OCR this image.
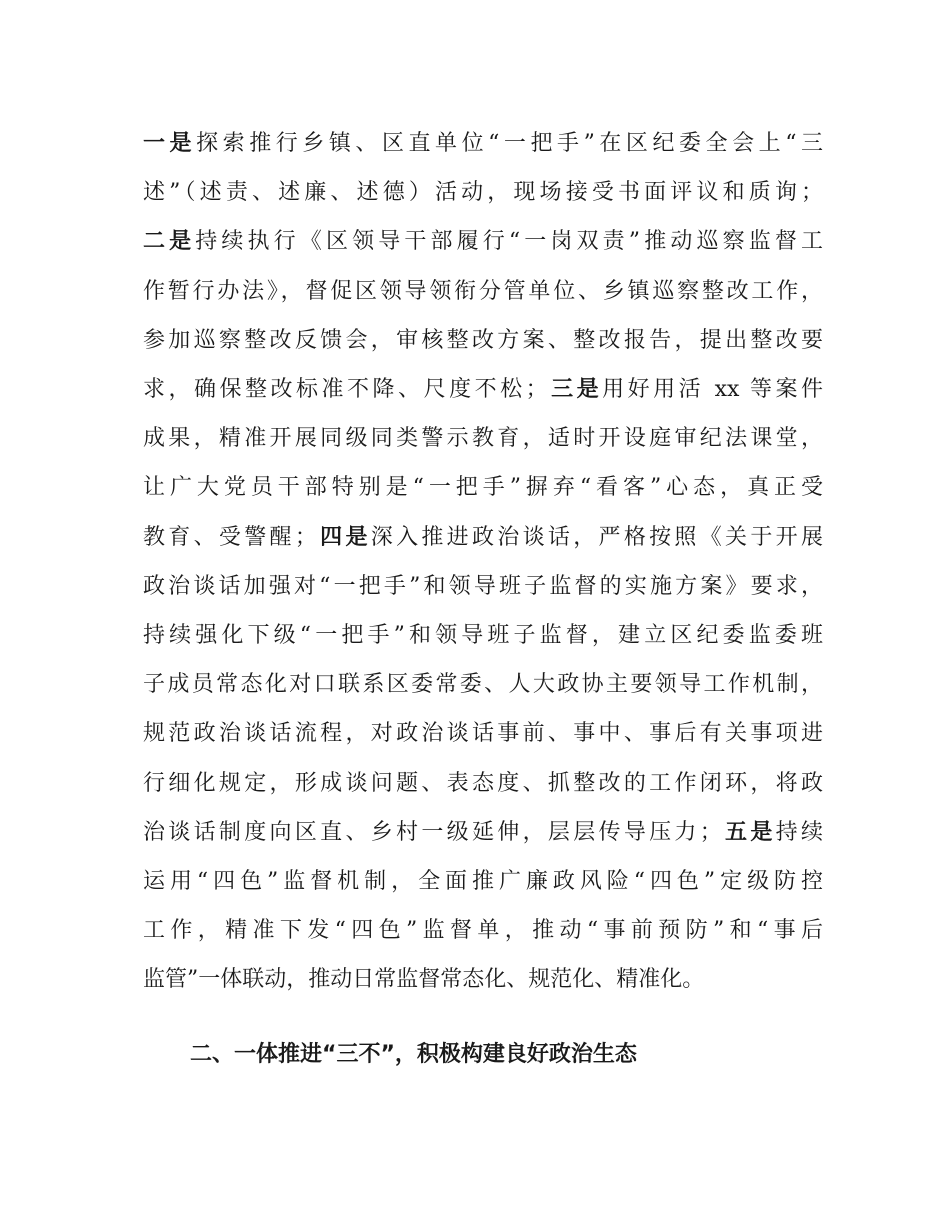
一是探索推行乡镇、区直单位“一把手”在区纪委全会上“三
述”（述责、述廉、述德）活动，现场接受书面评议和质询；
二是持续执行《区领导干部履行“一岗双责”推动巡察监督工
作暂行办法》，督促区领导领衔分管单位、乡镇巡察整改工作，
参加巡察整改反馈会，审核整改方案、整改报告，提出整改要
求，确保整改标准不降、尺度不松；三是用好用活 xx 等案件
成果，精准开展同级同类警示教育，适时开设庭审纪法课堂，
让广大党员干部特别是“一把手”摒弃“看客”心态，真正受
教育、受警醒；四是深入推进政治谈话，严格按照《关于开展
政治谈话加强对“一把手”和领导班子监督的实施方案》要求，
持续强化下级“一把手”和领导班子监督，建立区纪委监委班
子成员常态化对口联系区委常委、人大政协主要领导工作机制，
规范政治谈话流程，对政治谈话事前、事中、事后有关事项进
行细化规定，形成谈问题、表态度、抓整改的工作闭环，将政
治谈话制度向区直、乡村一级延伸，层层传导压力；五是持续
运用“四色”监督机制，全面推广廉政风险“四色”定级防控
工作，精准下发“四色”监督单，推动“事前预防”和“事后
监管”一体联动，推动日常监督常态化、规范化、精准化。
二、一体推进“三不”，积极构建良好政治生态
